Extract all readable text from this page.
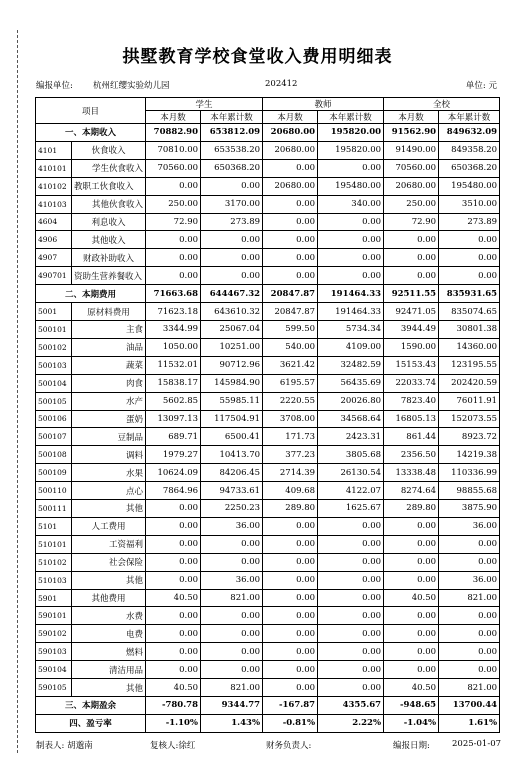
拱墅教育学校食堂收入费用明细表
编报单位: 杭州红缨实验幼儿园	202412	单位: 元
项目		学生		教师		全校	
		本月数	本年累计数	本月数	本年累计数	本月数	本年累计数
一、本期收入		70882.90	653812.09	20680.00	195820.00	91562.90	849632.09
4101	伙食收入	70810.00	653538.20	20680.00	195820.00	91490.00	849358.20
410101	学生伙食收入	70560.00	650368.20	0.00	0.00	70560.00	650368.20
410102	教职工伙食收入	0.00	0.00	20680.00	195480.00	20680.00	195480.00
410103	其他伙食收入	250.00	3170.00	0.00	340.00	250.00	3510.00
4604	利息收入	72.90	273.89	0.00	0.00	72.90	273.89
4906	其他收入	0.00	0.00	0.00	0.00	0.00	0.00
4907	财政补助收入	0.00	0.00	0.00	0.00	0.00	0.00
490701	资助生营养餐收入	0.00	0.00	0.00	0.00	0.00	0.00
二、本期费用		71663.68	644467.32	20847.87	191464.33	92511.55	835931.65
5001	原材料费用	71623.18	643610.32	20847.87	191464.33	92471.05	835074.65
500101	主食	3344.99	25067.04	599.50	5734.34	3944.49	30801.38
500102	油品	1050.00	10251.00	540.00	4109.00	1590.00	14360.00
500103	蔬菜	11532.01	90712.96	3621.42	32482.59	15153.43	123195.55
500104	肉食	15838.17	145984.90	6195.57	56435.69	22033.74	202420.59
500105	水产	5602.85	55985.11	2220.55	20026.80	7823.40	76011.91
500106	蛋奶	13097.13	117504.91	3708.00	34568.64	16805.13	152073.55
500107	豆制品	689.71	6500.41	171.73	2423.31	861.44	8923.72
500108	调料	1979.27	10413.70	377.23	3805.68	2356.50	14219.38
500109	水果	10624.09	84206.45	2714.39	26130.54	13338.48	110336.99
500110	点心	7864.96	94733.61	409.68	4122.07	8274.64	98855.68
500111	其他	0.00	2250.23	289.80	1625.67	289.80	3875.90
5101	人工费用	0.00	36.00	0.00	0.00	0.00	36.00
510101	工资福利	0.00	0.00	0.00	0.00	0.00	0.00
510102	社会保险	0.00	0.00	0.00	0.00	0.00	0.00
510103	其他	0.00	36.00	0.00	0.00	0.00	36.00
5901	其他费用	40.50	821.00	0.00	0.00	40.50	821.00
590101	水费	0.00	0.00	0.00	0.00	0.00	0.00
590102	电费	0.00	0.00	0.00	0.00	0.00	0.00
590103	燃料	0.00	0.00	0.00	0.00	0.00	0.00
590104	清洁用品	0.00	0.00	0.00	0.00	0.00	0.00
590105	其他	40.50	821.00	0.00	0.00	40.50	821.00
三、本期盈余		-780.78	9344.77	-167.87	4355.67	-948.65	13700.44
四、盈亏率		-1.10%	1.43%	-0.81%	2.22%	-1.04%	1.61%
制表人: 胡邈南	复核人:徐红	财务负责人:	编报日期:	2025-01-07
